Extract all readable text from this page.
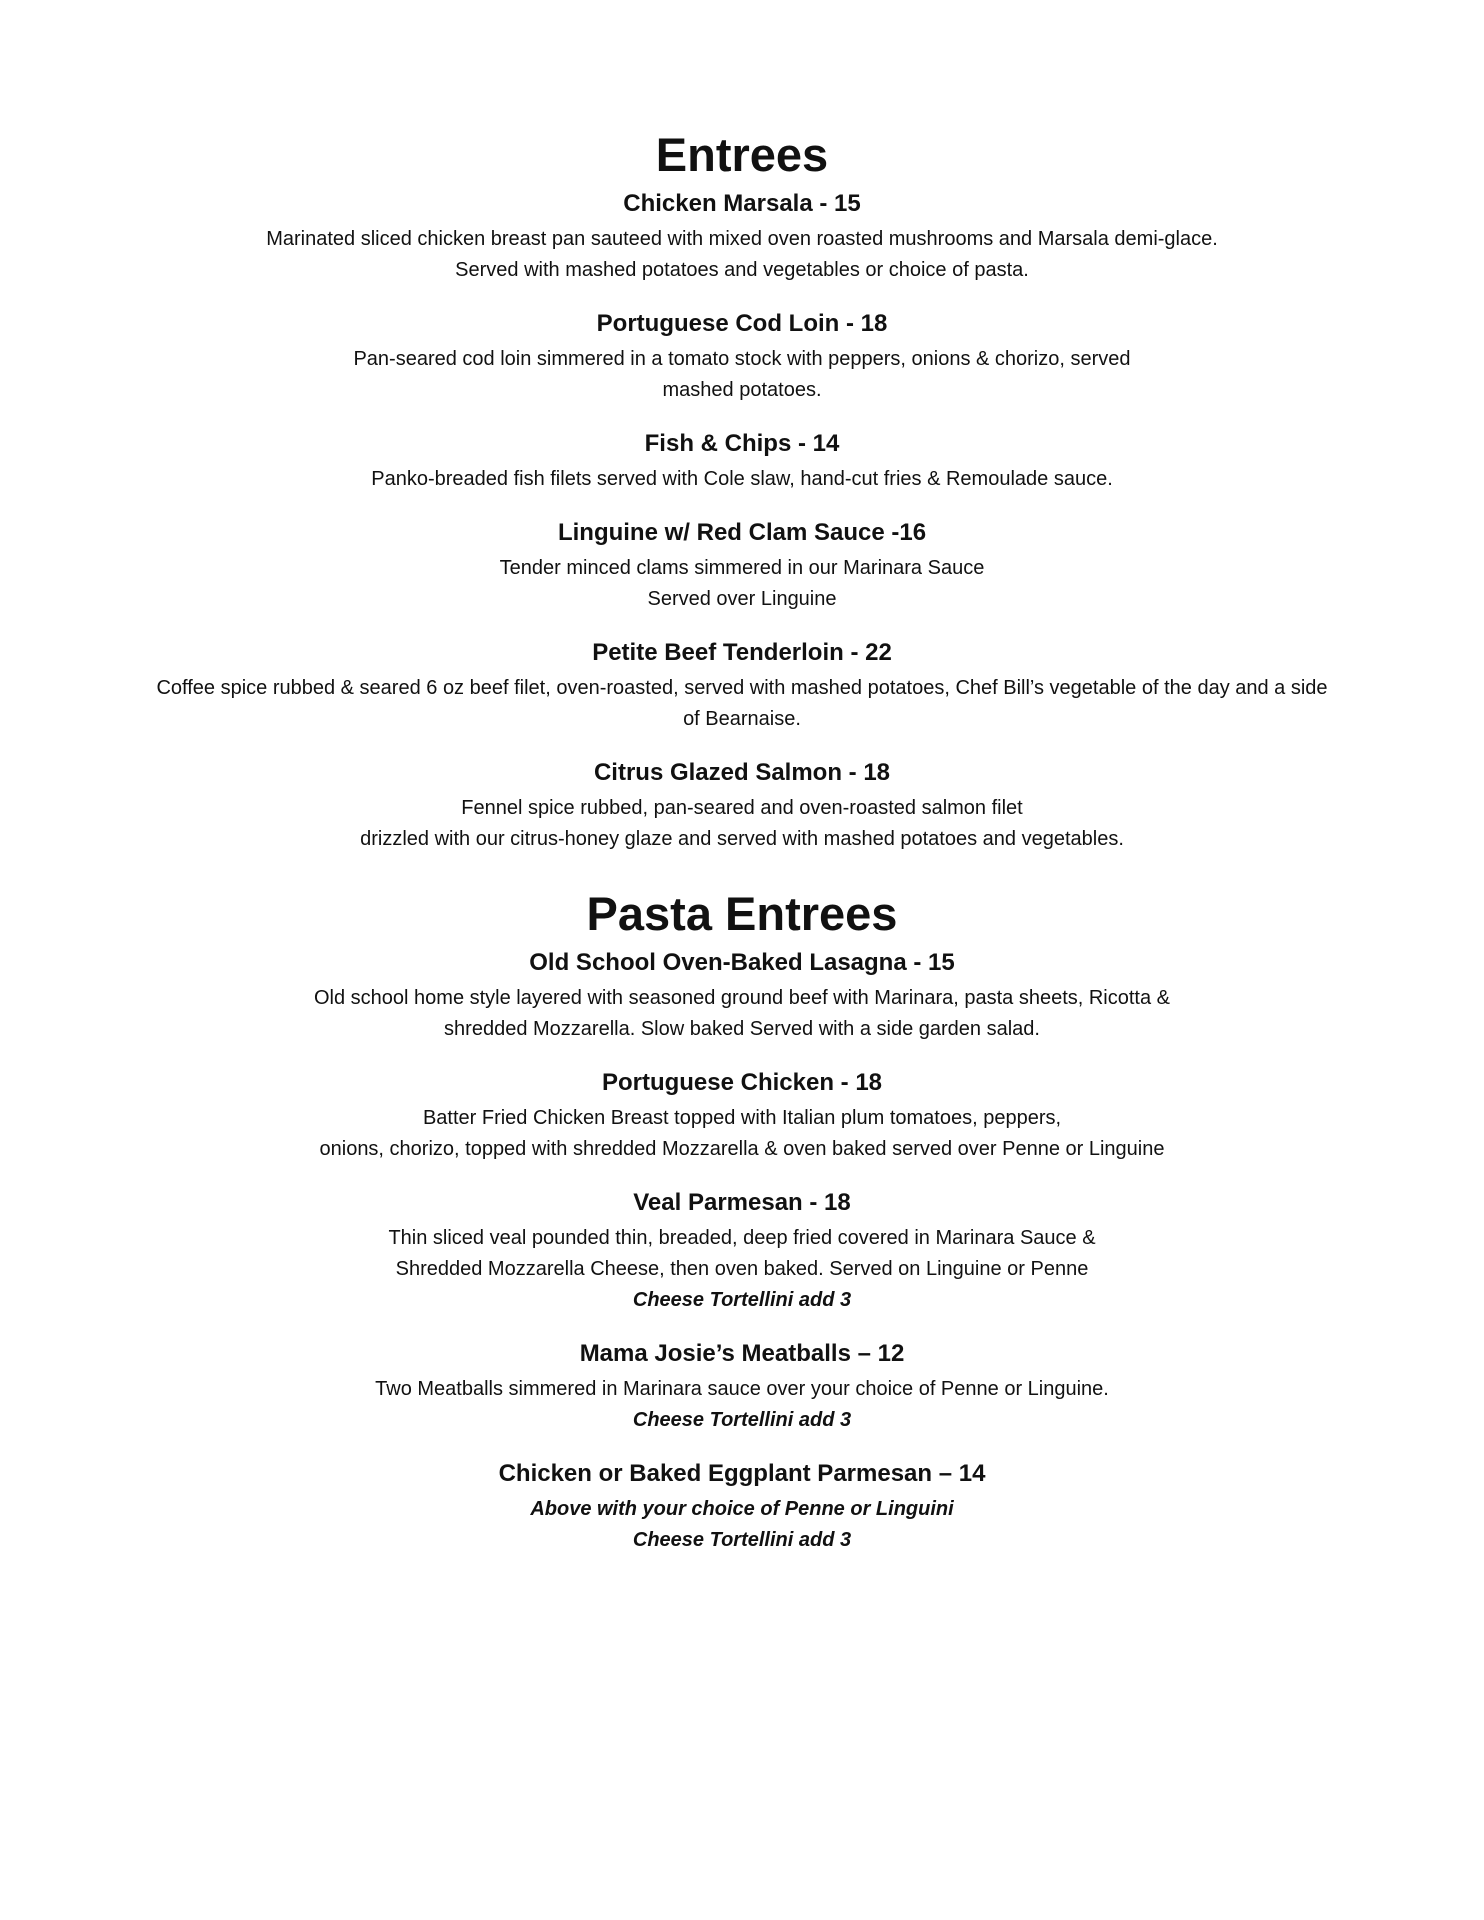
Entrees
Chicken Marsala - 15
Marinated sliced chicken breast pan sauteed with mixed oven roasted mushrooms and Marsala demi-glace.
Served with mashed potatoes and vegetables or choice of pasta.
Portuguese Cod Loin - 18
Pan-seared cod loin simmered in a tomato stock with peppers, onions & chorizo, served
mashed potatoes.
Fish & Chips - 14
Panko-breaded fish filets served with Cole slaw, hand-cut fries & Remoulade sauce.
Linguine w/ Red Clam Sauce -16
Tender minced clams simmered in our Marinara Sauce
Served over Linguine
Petite Beef Tenderloin - 22
Coffee spice rubbed & seared 6 oz beef filet, oven-roasted, served with mashed potatoes, Chef Bill’s vegetable of the day and a side
of Bearnaise.
Citrus Glazed Salmon - 18
Fennel spice rubbed, pan-seared and oven-roasted salmon filet
drizzled with our citrus-honey glaze and served with mashed potatoes and vegetables.
Pasta Entrees
Old School Oven-Baked Lasagna - 15
Old school home style layered with seasoned ground beef with Marinara, pasta sheets, Ricotta &
shredded Mozzarella. Slow baked Served with a side garden salad.
Portuguese Chicken - 18
Batter Fried Chicken Breast topped with Italian plum tomatoes, peppers,
onions, chorizo, topped with shredded Mozzarella & oven baked served over Penne or Linguine
Veal Parmesan - 18
Thin sliced veal pounded thin, breaded, deep fried covered in Marinara Sauce &
Shredded Mozzarella Cheese, then oven baked. Served on Linguine or Penne
Cheese Tortellini add 3
Mama Josie’s Meatballs – 12
Two Meatballs simmered in Marinara sauce over your choice of Penne or Linguine.
Cheese Tortellini add 3
Chicken or Baked Eggplant Parmesan – 14
Above with your choice of Penne or Linguini
Cheese Tortellini add 3
